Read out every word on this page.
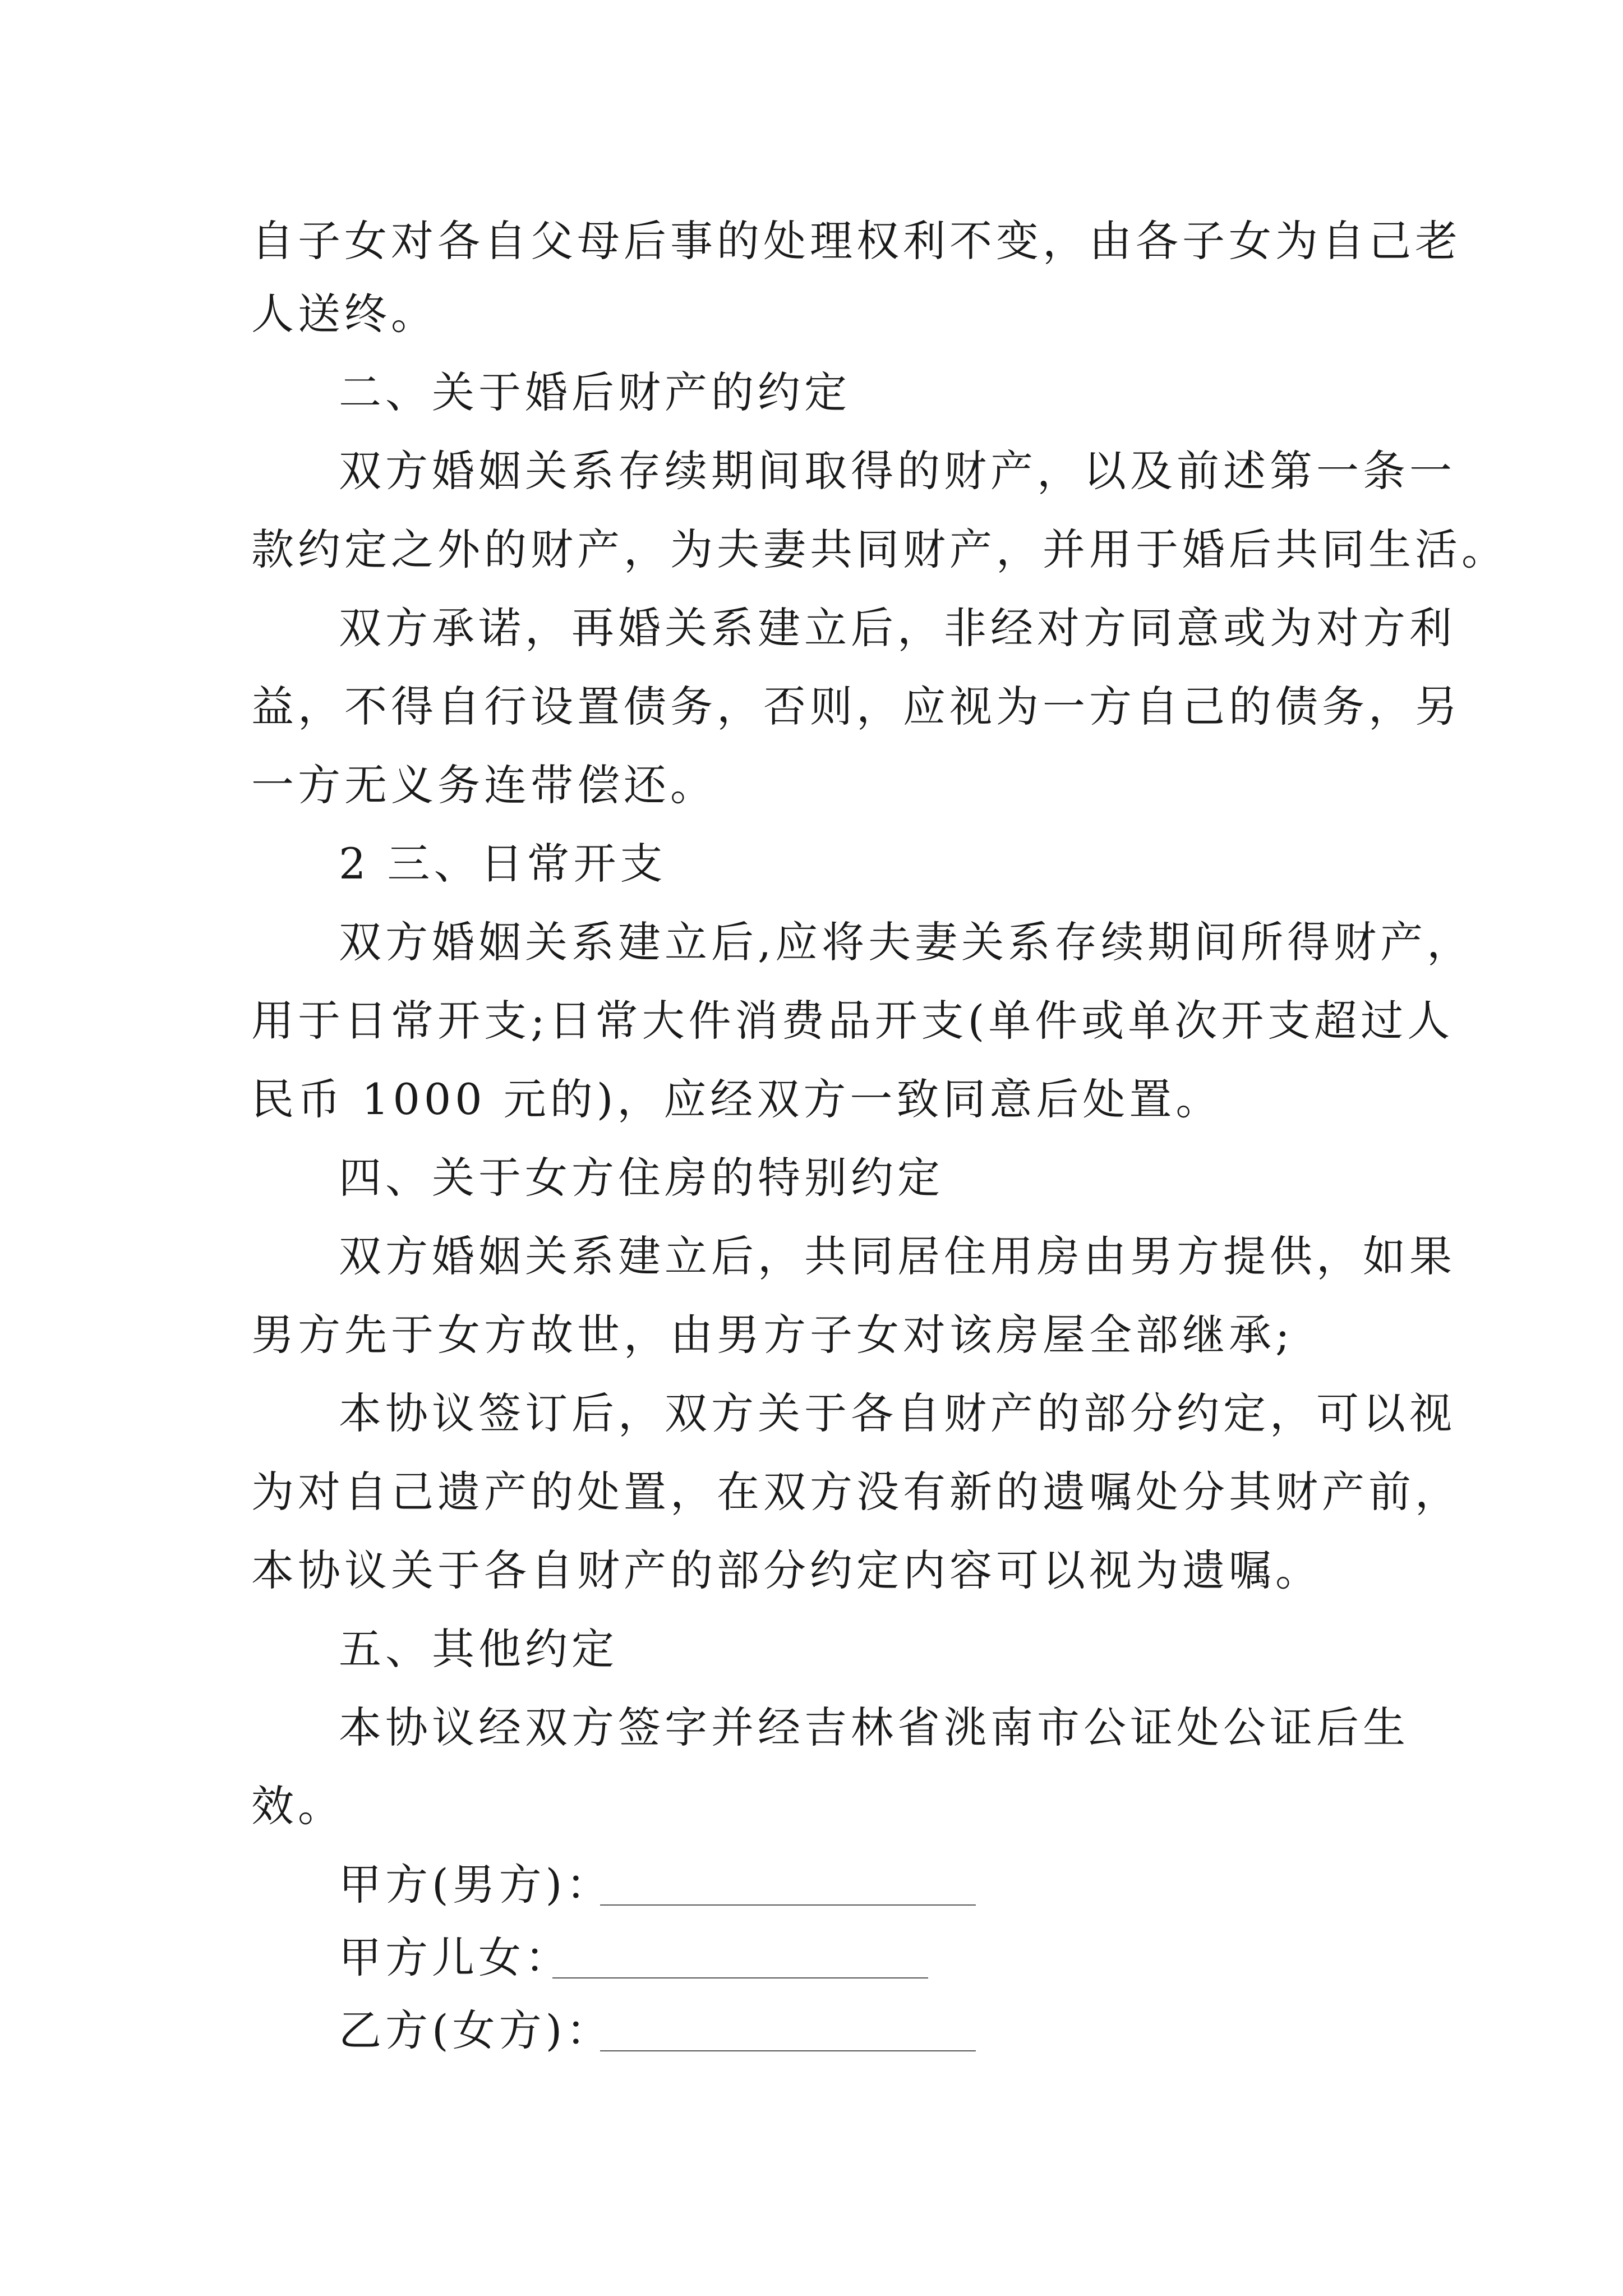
自子女对各自父母后事的处理权利不变，由各子女为自己老
人送终。
二、关于婚后财产的约定
双方婚姻关系存续期间取得的财产，以及前述第一条一
款约定之外的财产，为夫妻共同财产，并用于婚后共同生活。
双方承诺，再婚关系建立后，非经对方同意或为对方利
益，不得自行设置债务，否则，应视为一方自己的债务，另
一方无义务连带偿还。
2 三、日常开支
双方婚姻关系建立后,应将夫妻关系存续期间所得财产，
用于日常开支;日常大件消费品开支(单件或单次开支超过人
民币 1000 元的)，应经双方一致同意后处置。
四、关于女方住房的特别约定
双方婚姻关系建立后，共同居住用房由男方提供，如果
男方先于女方故世，由男方子女对该房屋全部继承;
本协议签订后，双方关于各自财产的部分约定，可以视
为对自己遗产的处置，在双方没有新的遗嘱处分其财产前，
本协议关于各自财产的部分约定内容可以视为遗嘱。
五、其他约定
本协议经双方签字并经吉林省洮南市公证处公证后生
效。
甲方(男方)：
甲方儿女：
乙方(女方)：
